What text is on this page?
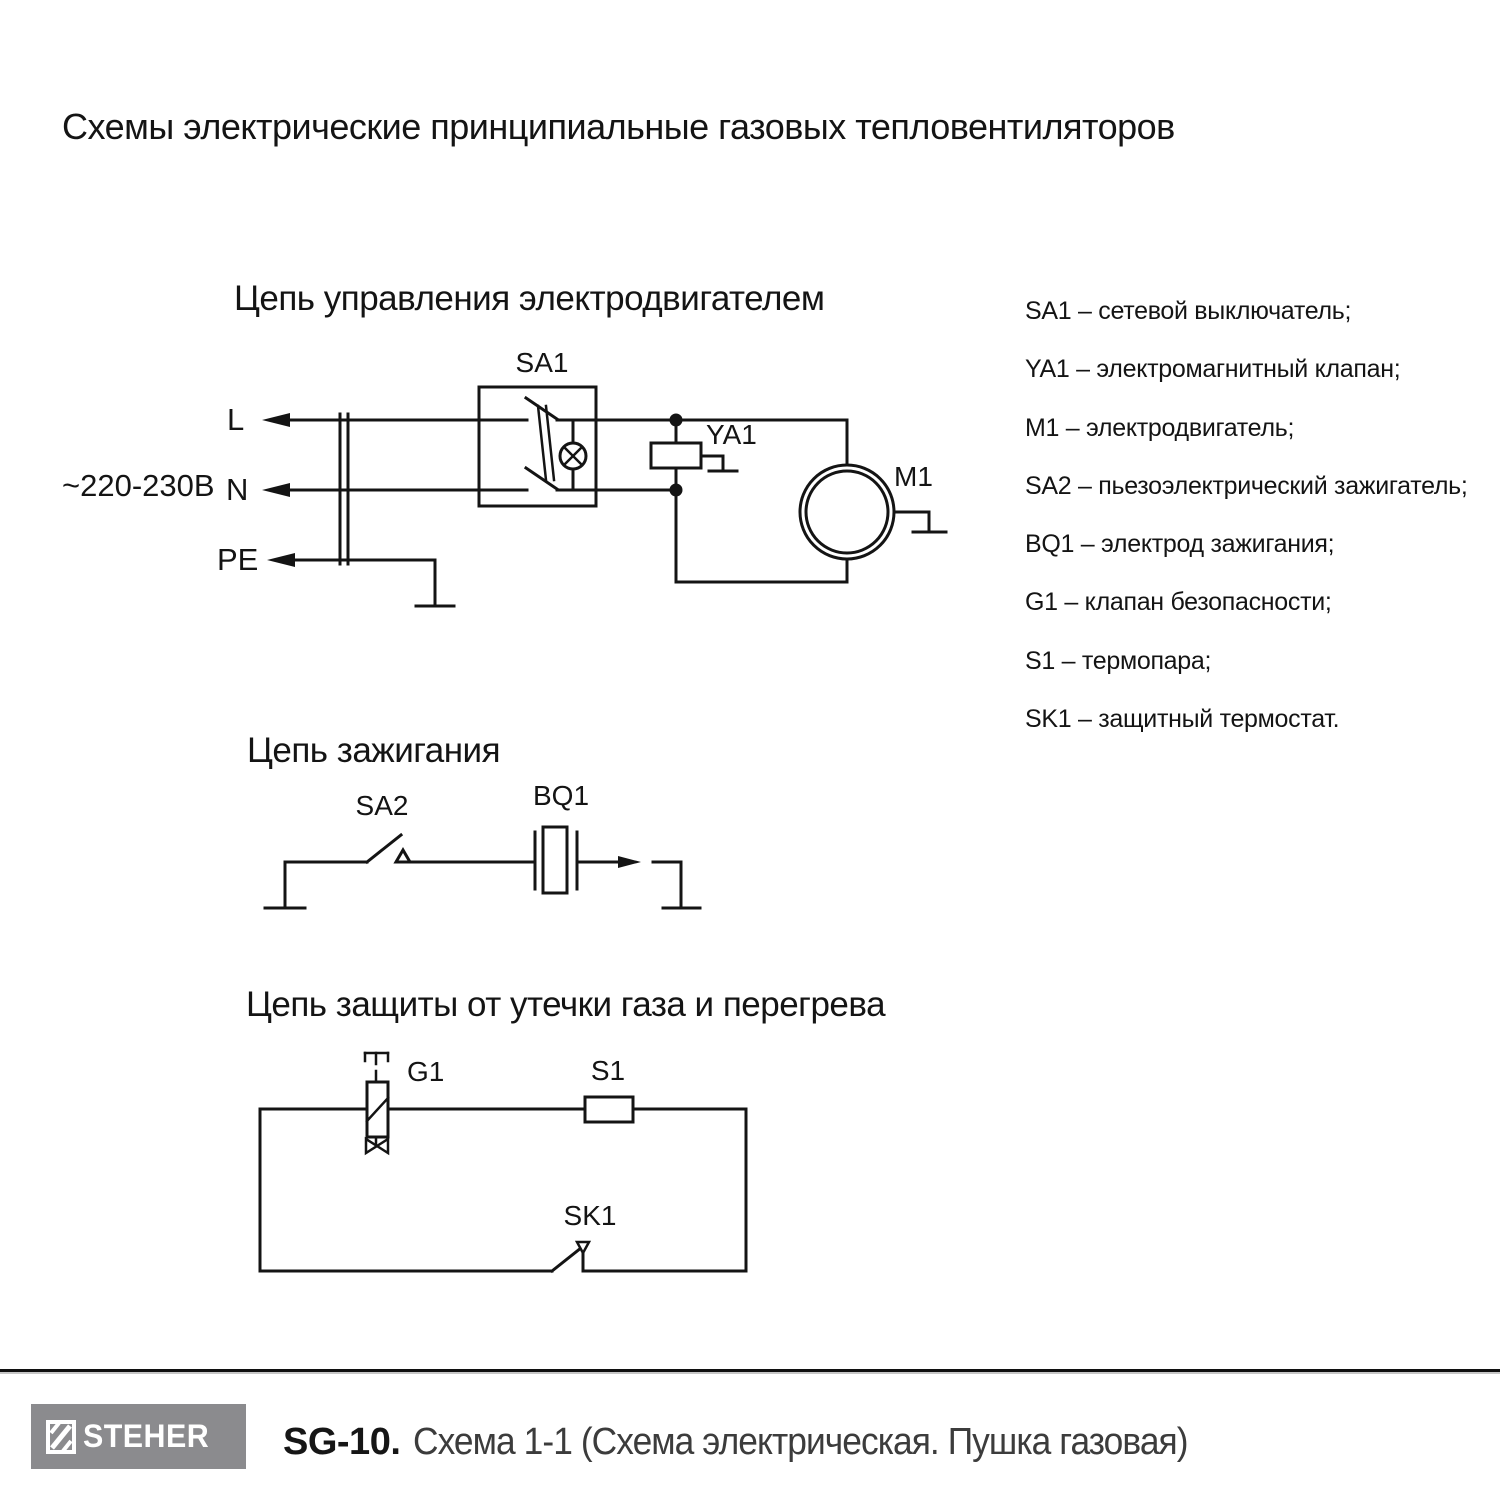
Схемы электрические принципиальные газовых тепловентиляторов
Цепь управления электродвигателем
Цепь зажигания
Цепь защиты от утечки газа и перегрева
SA1 – сетевой выключатель;
YA1 – электромагнитный клапан;
M1 – электродвигатель;
SA2 – пьезоэлектрический зажигатель;
BQ1 – электрод зажигания;
G1 – клапан безопасности;
S1 – термопара;
SK1 – защитный термостат.
~220-230В
L
N
PE
SA1
YA1
M1
SA2	BQ1
G1	S1
SK1
STEHER SG-10. Схема 1-1 (Схема электрическая. Пушка газовая)
